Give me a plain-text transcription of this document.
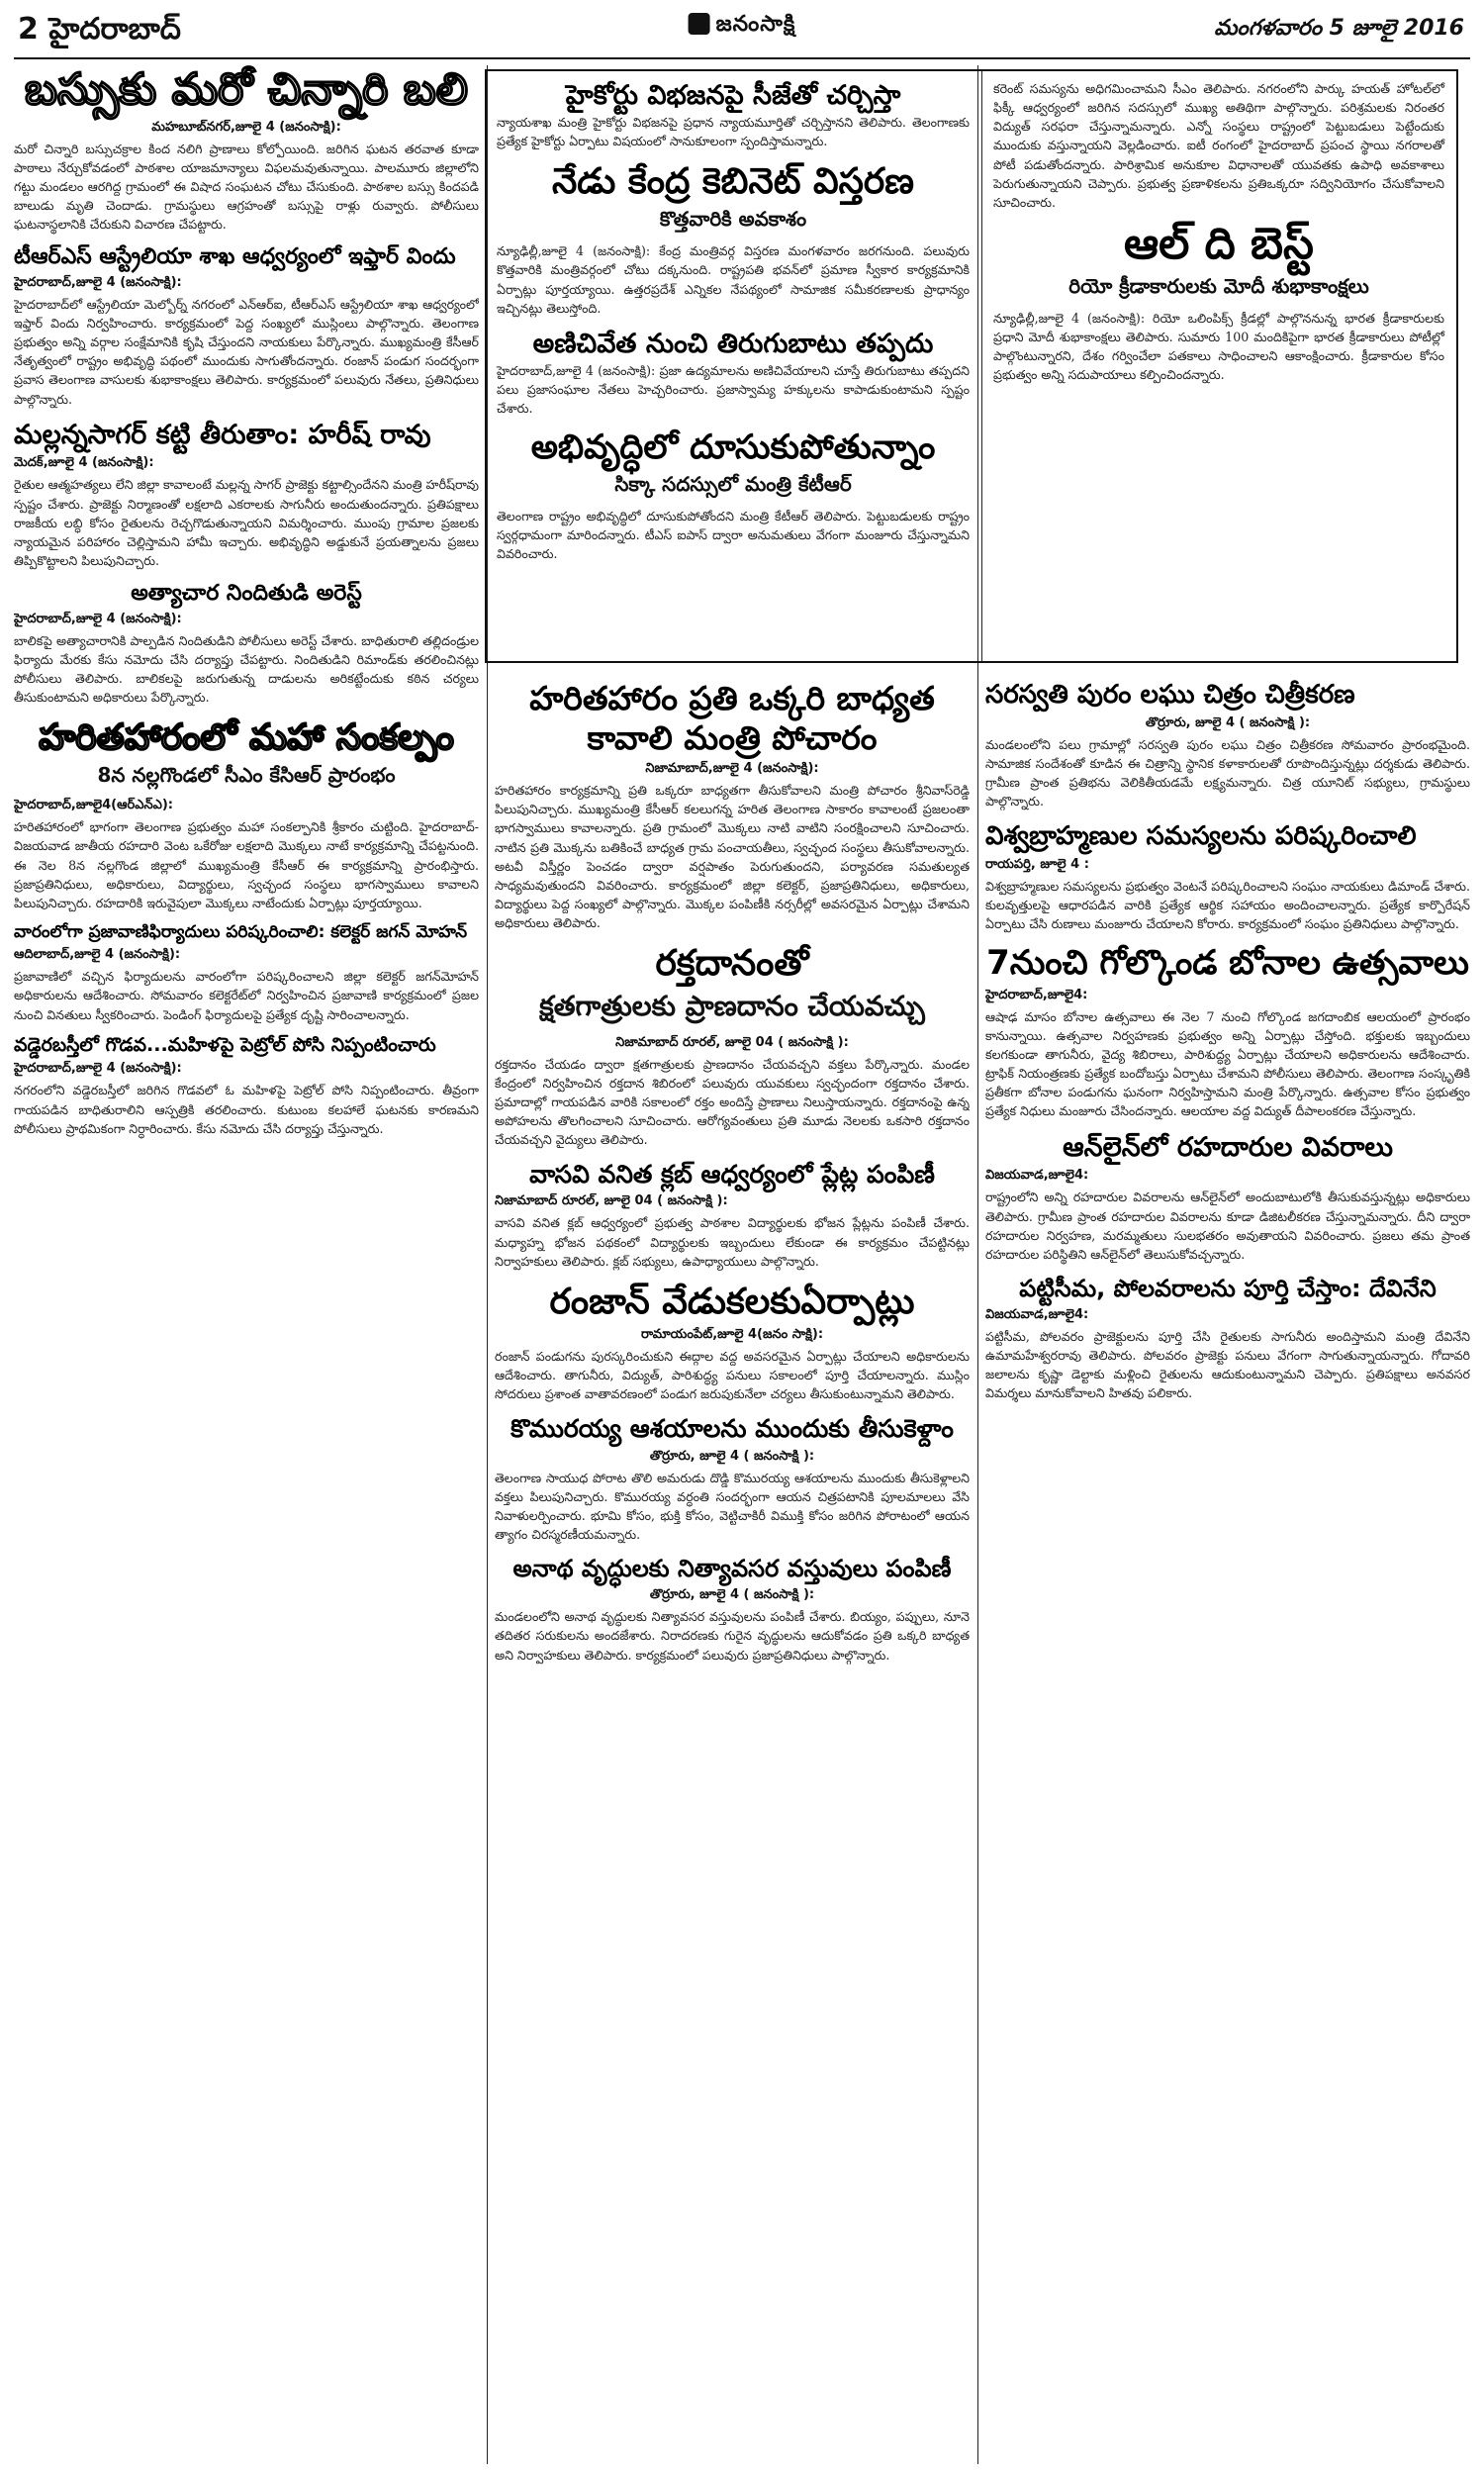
2 హైదరాబాద్	జనంసాక్షి	మంగళవారం 5 జూలై 2016
బస్సుకు మరో చిన్నారి బలి
మహబూబ్‌నగర్,జూలై 4 (జనంసాక్షి):

మరో చిన్నారి బస్సుచక్రాల కింద నలిగి ప్రాణాలు కోల్పోయింది. జరిగిన ఘటన తరవాత కూడా పాఠాలు నేర్చుకోవడంలో పాఠశాల యాజమాన్యాలు విఫలమవుతున్నాయి. పాలమూరు జిల్లాలోని గట్టు మండలం ఆరగిద్ద గ్రామంలో ఈ విషాద సంఘటన చోటు చేసుకుంది. పాఠశాల బస్సు కిందపడి బాలుడు మృతి చెందాడు. గ్రామస్థులు ఆగ్రహంతో బస్సుపై రాళ్లు రువ్వారు. పోలీసులు ఘటనాస్థలానికి చేరుకుని విచారణ చేపట్టారు.

టీఆర్‌ఎస్‌ ఆస్ట్రేలియా శాఖ ఆధ్వర్యంలో ఇఫ్తార్‌ విందు
హైదరాబాద్‌,జూలై 4 (జనంసాక్షి):

హైదరాబాద్‌లో ఆస్ట్రేలియా మెల్బోర్న్‌ నగరంలో ఎన్‌ఆర్‌ఐ, టీఆర్‌ఎస్‌ ఆస్ట్రేలియా శాఖ ఆధ్వర్యంలో ఇఫ్తార్‌ విందు నిర్వహించారు. కార్యక్రమంలో పెద్ద సంఖ్యలో ముస్లింలు పాల్గొన్నారు. తెలంగాణ ప్రభుత్వం అన్ని వర్గాల సంక్షేమానికి కృషి చేస్తుందని నాయకులు పేర్కొన్నారు. ముఖ్యమంత్రి కేసీఆర్‌ నేతృత్వంలో రాష్ట్రం అభివృద్ధి పథంలో ముందుకు సాగుతోందన్నారు. రంజాన్‌ పండుగ సందర్భంగా ప్రవాస తెలంగాణ వాసులకు శుభాకాంక్షలు తెలిపారు. కార్యక్రమంలో పలువురు నేతలు, ప్రతినిధులు పాల్గొన్నారు.

మల్లన్నసాగర్‌ కట్టి తీరుతాం: హరీష్‌ రావు
మెదక్‌,జూలై 4 (జనంసాక్షి):

రైతుల ఆత్మహత్యలు లేని జిల్లా కావాలంటే మల్లన్న సాగర్‌ ప్రాజెక్టు కట్టాల్సిందేనని మంత్రి హరీష్‌రావు స్పష్టం చేశారు. ప్రాజెక్టు నిర్మాణంతో లక్షలాది ఎకరాలకు సాగునీరు అందుతుందన్నారు. ప్రతిపక్షాలు రాజకీయ లబ్ధి కోసం రైతులను రెచ్చగొడుతున్నాయని విమర్శించారు. ముంపు గ్రామాల ప్రజలకు న్యాయమైన పరిహారం చెల్లిస్తామని హామీ ఇచ్చారు. అభివృద్ధిని అడ్డుకునే ప్రయత్నాలను ప్రజలు తిప్పికొట్టాలని పిలుపునిచ్చారు.

అత్యాచార నిందితుడి అరెస్ట్‌
హైదరాబాద్‌,జూలై 4 (జనంసాక్షి):

బాలికపై అత్యాచారానికి పాల్పడిన నిందితుడిని పోలీసులు అరెస్ట్‌ చేశారు. బాధితురాలి తల్లిదండ్రుల ఫిర్యాదు మేరకు కేసు నమోదు చేసి దర్యాప్తు చేపట్టారు. నిందితుడిని రిమాండ్‌కు తరలించినట్లు పోలీసులు తెలిపారు. బాలికలపై జరుగుతున్న దాడులను అరికట్టేందుకు కఠిన చర్యలు తీసుకుంటామని అధికారులు పేర్కొన్నారు.

హరితహారంలో మహా సంకల్పం
8న నల్లగొండలో సీఎం కేసిఆర్‌ ప్రారంభం
హైదరాబాద్‌,జూలై4(ఆర్‌ఎన్‌ఎ):

హరితహారంలో భాగంగా తెలంగాణ ప్రభుత్వం మహా సంకల్పానికి శ్రీకారం చుట్టింది. హైదరాబాద్‌-విజయవాడ జాతీయ రహదారి వెంట ఒకేరోజు లక్షలాది మొక్కలు నాటే కార్యక్రమాన్ని చేపట్టనుంది. ఈ నెల 8న నల్లగొండ జిల్లాలో ముఖ్యమంత్రి కేసీఆర్‌ ఈ కార్యక్రమాన్ని ప్రారంభిస్తారు. ప్రజాప్రతినిధులు, అధికారులు, విద్యార్థులు, స్వచ్ఛంద సంస్థలు భాగస్వాములు కావాలని పిలుపునిచ్చారు. రహదారికి ఇరువైపులా మొక్కలు నాటేందుకు ఏర్పాట్లు పూర్తయ్యాయి.

వారంలోగా ప్రజావాణిఫిర్యాదులు పరిష్కరించాలి: కలెక్టర్‌ జగన్‌ మోహన్‌
ఆదిలాబాద్‌,జూలై 4 (జనంసాక్షి):

ప్రజావాణిలో వచ్చిన ఫిర్యాదులను వారంలోగా పరిష్కరించాలని జిల్లా కలెక్టర్‌ జగన్‌మోహన్‌ అధికారులను ఆదేశించారు. సోమవారం కలెక్టరేట్‌లో నిర్వహించిన ప్రజావాణి కార్యక్రమంలో ప్రజల నుంచి వినతులు స్వీకరించారు. పెండింగ్‌ ఫిర్యాదులపై ప్రత్యేక దృష్టి సారించాలన్నారు.

వడ్డెరబస్తీలో గొడవ...మహిళపై పెట్రోల్‌ పోసి నిప్పంటించారు
హైదరాబాద్‌,జూలై 4 (జనంసాక్షి):

నగరంలోని వడ్డెరబస్తీలో జరిగిన గొడవలో ఓ మహిళపై పెట్రోల్‌ పోసి నిప్పంటించారు. తీవ్రంగా గాయపడిన బాధితురాలిని ఆస్పత్రికి తరలించారు. కుటుంబ కలహాలే ఘటనకు కారణమని పోలీసులు ప్రాథమికంగా నిర్ధారించారు. కేసు నమోదు చేసి దర్యాప్తు చేస్తున్నారు.

హరితహారం ప్రతి ఒక్కరి బాధ్యత కావాలి మంత్రి పోచారం
నిజామాబాద్‌,జూలై 4 (జనంసాక్షి):

హరితహారం కార్యక్రమాన్ని ప్రతి ఒక్కరూ బాధ్యతగా తీసుకోవాలని మంత్రి పోచారం శ్రీనివాస్‌రెడ్డి పిలుపునిచ్చారు. ముఖ్యమంత్రి కేసీఆర్‌ కలలుగన్న హరిత తెలంగాణ సాకారం కావాలంటే ప్రజలంతా భాగస్వాములు కావాలన్నారు. ప్రతి గ్రామంలో మొక్కలు నాటి వాటిని సంరక్షించాలని సూచించారు. నాటిన ప్రతి మొక్కను బతికించే బాధ్యత గ్రామ పంచాయతీలు, స్వచ్ఛంద సంస్థలు తీసుకోవాలన్నారు. అటవీ విస్తీర్ణం పెంచడం ద్వారా వర్షపాతం పెరుగుతుందని, పర్యావరణ సమతుల్యత సాధ్యమవుతుందని వివరించారు. కార్యక్రమంలో జిల్లా కలెక్టర్‌, ప్రజాప్రతినిధులు, అధికారులు, విద్యార్థులు పెద్ద సంఖ్యలో పాల్గొన్నారు. మొక్కల పంపిణీకి నర్సరీల్లో అవసరమైన ఏర్పాట్లు చేశామని అధికారులు తెలిపారు.

రక్తదానంతో
క్షతగాత్రులకు ప్రాణదానం చేయవచ్చు
నిజామాబాద్‌ రూరల్‌, జూలై 04 ( జనంసాక్షి ):

రక్తదానం చేయడం ద్వారా క్షతగాత్రులకు ప్రాణదానం చేయవచ్చని వక్తలు పేర్కొన్నారు. మండల కేంద్రంలో నిర్వహించిన రక్తదాన శిబిరంలో పలువురు యువకులు స్వచ్ఛందంగా రక్తదానం చేశారు. ప్రమాదాల్లో గాయపడిన వారికి సకాలంలో రక్తం అందిస్తే ప్రాణాలు నిలుస్తాయన్నారు. రక్తదానంపై ఉన్న అపోహలను తొలగించాలని సూచించారు. ఆరోగ్యవంతులు ప్రతి మూడు నెలలకు ఒకసారి రక్తదానం చేయవచ్చని వైద్యులు తెలిపారు.

వాసవి వనిత క్లబ్‌ ఆధ్వర్యంలో ప్లేట్ల పంపిణీ
నిజామాబాద్‌ రూరల్‌, జూలై 04 ( జనంసాక్షి ):

వాసవి వనిత క్లబ్‌ ఆధ్వర్యంలో ప్రభుత్వ పాఠశాల విద్యార్థులకు భోజన ప్లేట్లను పంపిణీ చేశారు. మధ్యాహ్న భోజన పథకంలో విద్యార్థులకు ఇబ్బందులు లేకుండా ఈ కార్యక్రమం చేపట్టినట్లు నిర్వాహకులు తెలిపారు. క్లబ్‌ సభ్యులు, ఉపాధ్యాయులు పాల్గొన్నారు.

రంజాన్‌ వేడుకలకుఏర్పాట్లు
రామాయంపేట్‌,జూలై 4(జనం సాక్షి):

రంజాన్‌ పండుగను పురస్కరించుకుని ఈద్గాల వద్ద అవసరమైన ఏర్పాట్లు చేయాలని అధికారులను ఆదేశించారు. తాగునీరు, విద్యుత్‌, పారిశుద్ధ్య పనులు సకాలంలో పూర్తి చేయాలన్నారు. ముస్లిం సోదరులు ప్రశాంత వాతావరణంలో పండుగ జరుపుకునేలా చర్యలు తీసుకుంటున్నామని తెలిపారు.

కొమురయ్య ఆశయాలను ముందుకు తీసుకెళ్దాం
తొర్రూరు, జూలై 4 ( జనంసాక్షి ):

తెలంగాణ సాయుధ పోరాట తొలి అమరుడు దొడ్డి కొమురయ్య ఆశయాలను ముందుకు తీసుకెళ్లాలని వక్తలు పిలుపునిచ్చారు. కొమురయ్య వర్ధంతి సందర్భంగా ఆయన చిత్రపటానికి పూలమాలలు వేసి నివాళులర్పించారు. భూమి కోసం, భుక్తి కోసం, వెట్టిచాకిరీ విముక్తి కోసం జరిగిన పోరాటంలో ఆయన త్యాగం చిరస్మరణీయమన్నారు.

అనాథ వృద్ధులకు నిత్యావసర వస్తువులు పంపిణీ
తొర్రూరు, జూలై 4 ( జనంసాక్షి ):

మండలంలోని అనాథ వృద్ధులకు నిత్యావసర వస్తువులను పంపిణీ చేశారు. బియ్యం, పప్పులు, నూనె తదితర సరుకులను అందజేశారు. నిరాదరణకు గురైన వృద్ధులను ఆదుకోవడం ప్రతి ఒక్కరి బాధ్యత అని నిర్వాహకులు తెలిపారు. కార్యక్రమంలో పలువురు ప్రజాప్రతినిధులు పాల్గొన్నారు.

సరస్వతి పురం లఘు చిత్రం చిత్రీకరణ
తొర్రూరు, జూలై 4 ( జనంసాక్షి ):

మండలంలోని పలు గ్రామాల్లో సరస్వతి పురం లఘు చిత్రం చిత్రీకరణ సోమవారం ప్రారంభమైంది. సామాజిక సందేశంతో కూడిన ఈ చిత్రాన్ని స్థానిక కళాకారులతో రూపొందిస్తున్నట్లు దర్శకుడు తెలిపారు. గ్రామీణ ప్రాంత ప్రతిభను వెలికితీయడమే లక్ష్యమన్నారు. చిత్ర యూనిట్‌ సభ్యులు, గ్రామస్థులు పాల్గొన్నారు.

విశ్వబ్రాహ్మణుల సమస్యలను పరిష్కరించాలి
రాయపర్తి, జూలై 4 :

విశ్వబ్రాహ్మణుల సమస్యలను ప్రభుత్వం వెంటనే పరిష్కరించాలని సంఘం నాయకులు డిమాండ్‌ చేశారు. కులవృత్తులపై ఆధారపడిన వారికి ప్రత్యేక ఆర్థిక సహాయం అందించాలన్నారు. ప్రత్యేక కార్పొరేషన్‌ ఏర్పాటు చేసి రుణాలు మంజూరు చేయాలని కోరారు. కార్యక్రమంలో సంఘం ప్రతినిధులు పాల్గొన్నారు.

7నుంచి గోల్కొండ బోనాల ఉత్సవాలు
హైదరాబాద్‌,జూలై4:

ఆషాఢ మాసం బోనాల ఉత్సవాలు ఈ నెల 7 నుంచి గోల్కొండ జగదాంబిక ఆలయంలో ప్రారంభం కానున్నాయి. ఉత్సవాల నిర్వహణకు ప్రభుత్వం అన్ని ఏర్పాట్లు చేస్తోంది. భక్తులకు ఇబ్బందులు కలగకుండా తాగునీరు, వైద్య శిబిరాలు, పారిశుద్ధ్య ఏర్పాట్లు చేయాలని అధికారులను ఆదేశించారు. ట్రాఫిక్‌ నియంత్రణకు ప్రత్యేక బందోబస్తు ఏర్పాటు చేశామని పోలీసులు తెలిపారు. తెలంగాణ సంస్కృతికి ప్రతీకగా బోనాల పండుగను ఘనంగా నిర్వహిస్తామని మంత్రి పేర్కొన్నారు. ఉత్సవాల కోసం ప్రభుత్వం ప్రత్యేక నిధులు మంజూరు చేసిందన్నారు. ఆలయాల వద్ద విద్యుత్‌ దీపాలంకరణ చేస్తున్నారు.

ఆన్‌లైన్‌లో రహదారుల వివరాలు
విజయవాడ,జూలై4:

రాష్ట్రంలోని అన్ని రహదారుల వివరాలను ఆన్‌లైన్‌లో అందుబాటులోకి తీసుకువస్తున్నట్లు అధికారులు తెలిపారు. గ్రామీణ ప్రాంత రహదారుల వివరాలను కూడా డిజిటలీకరణ చేస్తున్నామన్నారు. దీని ద్వారా రహదారుల నిర్వహణ, మరమ్మతులు సులభతరం అవుతాయని వివరించారు. ప్రజలు తమ ప్రాంత రహదారుల పరిస్థితిని ఆన్‌లైన్‌లో తెలుసుకోవచ్చన్నారు.

పట్టిసీమ, పోలవరాలను పూర్తి చేస్తాం: దేవినేని
విజయవాడ,జూలై4:

పట్టిసీమ, పోలవరం ప్రాజెక్టులను పూర్తి చేసి రైతులకు సాగునీరు అందిస్తామని మంత్రి దేవినేని ఉమామహేశ్వరరావు తెలిపారు. పోలవరం ప్రాజెక్టు పనులు వేగంగా సాగుతున్నాయన్నారు. గోదావరి జలాలను కృష్ణా డెల్టాకు మళ్లించి రైతులను ఆదుకుంటున్నామని చెప్పారు. ప్రతిపక్షాలు అనవసర విమర్శలు మానుకోవాలని హితవు పలికారు.

హైకోర్టు విభజనపై సీజేతో చర్చిస్తా

న్యాయశాఖ మంత్రి హైకోర్టు విభజనపై ప్రధాన న్యాయమూర్తితో చర్చిస్తానని తెలిపారు. తెలంగాణకు ప్రత్యేక హైకోర్టు ఏర్పాటు విషయంలో సానుకూలంగా స్పందిస్తామన్నారు.

నేడు కేంద్ర కెబినెట్‌ విస్తరణ
కొత్తవారికి అవకాశం

న్యూఢిల్లీ,జూలై 4 (జనంసాక్షి): కేంద్ర మంత్రివర్గ విస్తరణ మంగళవారం జరగనుంది. పలువురు కొత్తవారికి మంత్రివర్గంలో చోటు దక్కనుంది. రాష్ట్రపతి భవన్‌లో ప్రమాణ స్వీకార కార్యక్రమానికి ఏర్పాట్లు పూర్తయ్యాయి. ఉత్తరప్రదేశ్‌ ఎన్నికల నేపథ్యంలో సామాజిక సమీకరణాలకు ప్రాధాన్యం ఇచ్చినట్లు తెలుస్తోంది.

అణిచివేత నుంచి తిరుగుబాటు తప్పదు

హైదరాబాద్‌,జూలై 4 (జనంసాక్షి): ప్రజా ఉద్యమాలను అణిచివేయాలని చూస్తే తిరుగుబాటు తప్పదని పలు ప్రజాసంఘాల నేతలు హెచ్చరించారు. ప్రజాస్వామ్య హక్కులను కాపాడుకుంటామని స్పష్టం చేశారు.

అభివృద్ధిలో దూసుకుపోతున్నాం
సిక్కా సదస్సులో మంత్రి కేటీఆర్‌

తెలంగాణ రాష్ట్రం అభివృద్ధిలో దూసుకుపోతోందని మంత్రి కేటీఆర్‌ తెలిపారు. పెట్టుబడులకు రాష్ట్రం స్వర్గధామంగా మారిందన్నారు. టీఎస్‌ ఐపాస్‌ ద్వారా అనుమతులు వేగంగా మంజూరు చేస్తున్నామని వివరించారు.

కరెంట్‌ సమస్యను అధిగమించామని సీఎం తెలిపారు. నగరంలోని పార్కు హయత్‌ హోటల్‌లో ఫిక్కీ ఆధ్వర్యంలో జరిగిన సదస్సులో ముఖ్య అతిథిగా పాల్గొన్నారు. పరిశ్రమలకు నిరంతర విద్యుత్‌ సరఫరా చేస్తున్నామన్నారు. ఎన్నో సంస్థలు రాష్ట్రంలో పెట్టుబడులు పెట్టేందుకు ముందుకు వస్తున్నాయని వెల్లడించారు. ఐటీ రంగంలో హైదరాబాద్‌ ప్రపంచ స్థాయి నగరాలతో పోటీ పడుతోందన్నారు. పారిశ్రామిక అనుకూల విధానాలతో యువతకు ఉపాధి అవకాశాలు పెరుగుతున్నాయని చెప్పారు. ప్రభుత్వ ప్రణాళికలను ప్రతిఒక్కరూ సద్వినియోగం చేసుకోవాలని సూచించారు.

ఆల్‌ ది బెస్ట్‌
రియో క్రీడాకారులకు మోదీ శుభాకాంక్షలు

న్యూఢిల్లీ,జూలై 4 (జనంసాక్షి): రియో ఒలింపిక్స్‌ క్రీడల్లో పాల్గొననున్న భారత క్రీడాకారులకు ప్రధాని మోదీ శుభాకాంక్షలు తెలిపారు. సుమారు 100 మందికిపైగా భారత క్రీడాకారులు పోటీల్లో పాల్గొంటున్నారని, దేశం గర్వించేలా పతకాలు సాధించాలని ఆకాంక్షించారు. క్రీడాకారుల కోసం ప్రభుత్వం అన్ని సదుపాయాలు కల్పించిందన్నారు.
